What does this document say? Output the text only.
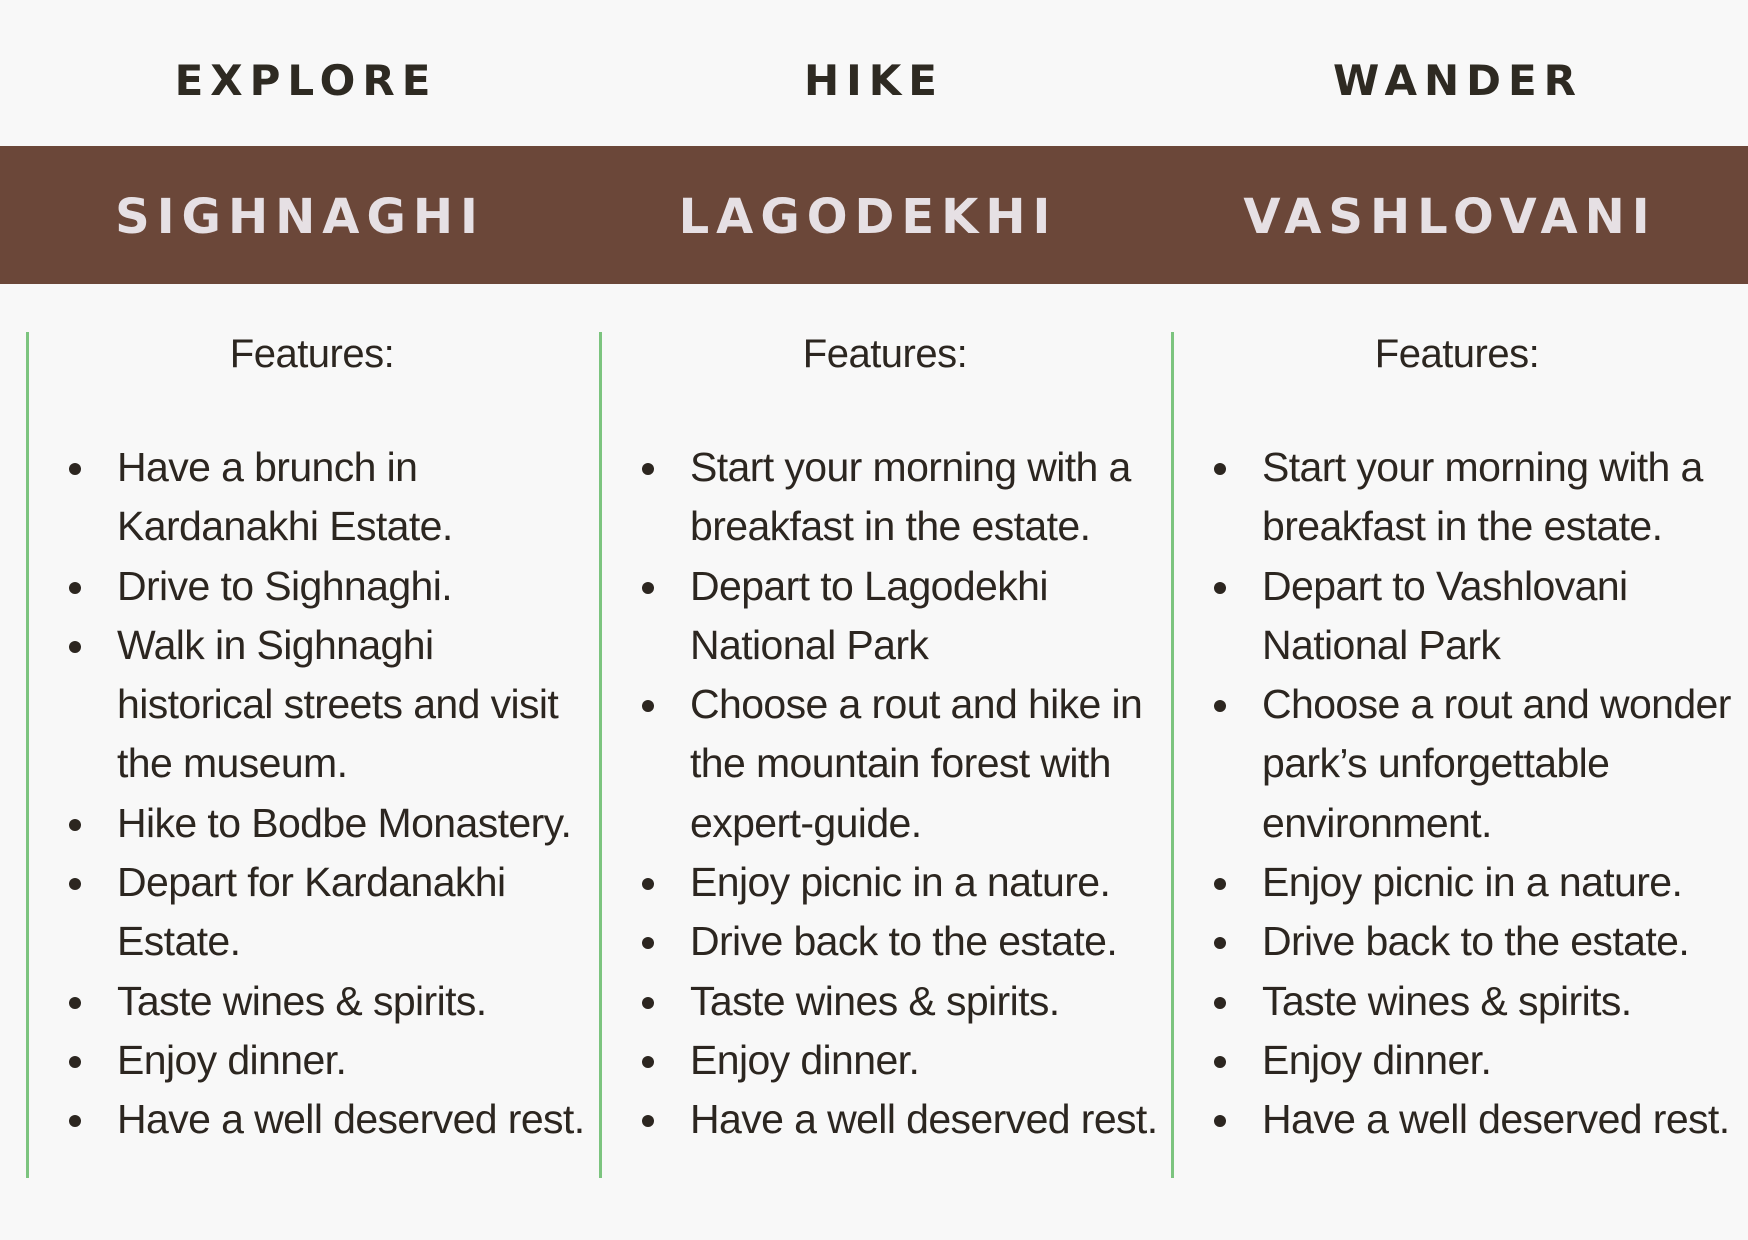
EXPLORE	HIKE	WANDER
SIGHNAGHI	LAGODEKHI	VASHLOVANI
Features:
Have a brunch in Kardanakhi Estate.
Drive to Sighnaghi.
Walk in Sighnaghi historical streets and visit the museum.
Hike to Bodbe Monastery.
Depart for Kardanakhi Estate.
Taste wines & spirits.
Enjoy dinner.
Have a well deserved rest.
Features:
Start your morning with a breakfast in the estate.
Depart to Lagodekhi National Park
Choose a rout and hike in the mountain forest with expert-guide.
Enjoy picnic in a nature.
Drive back to the estate.
Taste wines & spirits.
Enjoy dinner.
Have a well deserved rest.
Features:
Start your morning with a breakfast in the estate.
Depart to Vashlovani National Park
Choose a rout and wonder park’s unforgettable environment.
Enjoy picnic in a nature.
Drive back to the estate.
Taste wines & spirits.
Enjoy dinner.
Have a well deserved rest.
